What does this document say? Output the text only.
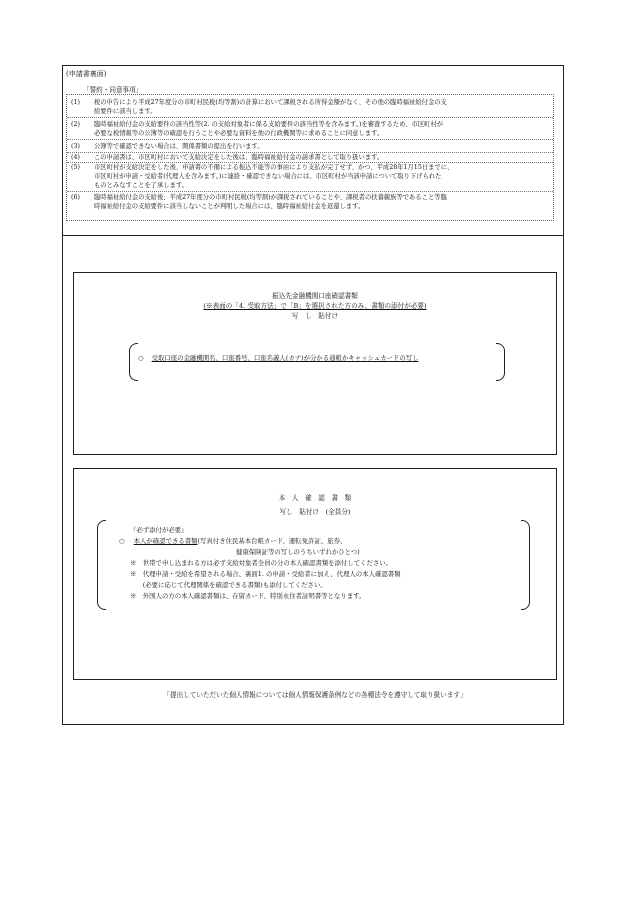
(申請書裏面)
「誓約・同意事項」
(1)	税の申告により平成27年度分の市町村民税(均等割)の計算において課税される所得金額がなく、その他の臨時福祉給付金の支
給要件に該当します。
(2)	臨時福祉給付金の支給要件の該当性等(2. の支給対象者に係る支給要件の該当性等を含みます。)を審査するため、市区町村が
必要な税情報等の公簿等の確認を行うことや必要な資料を他の行政機関等に求めることに同意します。
(3)	公簿等で確認できない場合は、関係書類の提出を行います。
(4)	この申請書は、市区町村において支給決定をした後は、臨時福祉給付金の請求書として取り扱います。
(5)	市区町村が支給決定をした後、申請書の不備による振込不能等の事由により支払が完了せず、かつ、平成28年1月15日までに、
市区町村が申請・受給者(代理人を含みます。)に連絡・確認できない場合には、市区町村が当該申請について取り下げられた
ものとみなすことを了承します。
(6)	臨時福祉給付金の支給後、平成27年度分の市町村民税(均等割)が課税されていることや、課税者の扶養親族等であること等臨
時福祉給付金の支給要件に該当しないことが判明した場合には、臨時福祉給付金を返還します。
振込先金融機関口座確認書類
(※表面の「4. 受取方法」で「B」を選択された方のみ、書類の添付が必要)
写　し　貼付け
○ 受取口座の金融機関名、口座番号、口座名義人(カナ)が分かる通帳かキャッシュカードの写し
本　人　確　認　書　類
写し　貼付け　(全員分)
『必ず添付が必要』
○ 本人が確認できる書類(写真付き住民基本台帳カード、運転免許証、旅券、
健康保険証等の写しのうちいずれかひとつ)
※　世帯で申し込まれる方は必ず支給対象者全員の分の本人確認書類を添付してください。
※　代理申請・受給を希望される場合、裏面1. の申請・受給者に加え、代理人の本人確認書類
　　(必要に応じて代理関係を確認できる書類)も添付してください。
※　外国人の方の本人確認書類は、在留カード、特別永住者証明書等となります。
「提出していただいた個人情報については個人情報保護条例などの各種法令を遵守して取り扱います」
